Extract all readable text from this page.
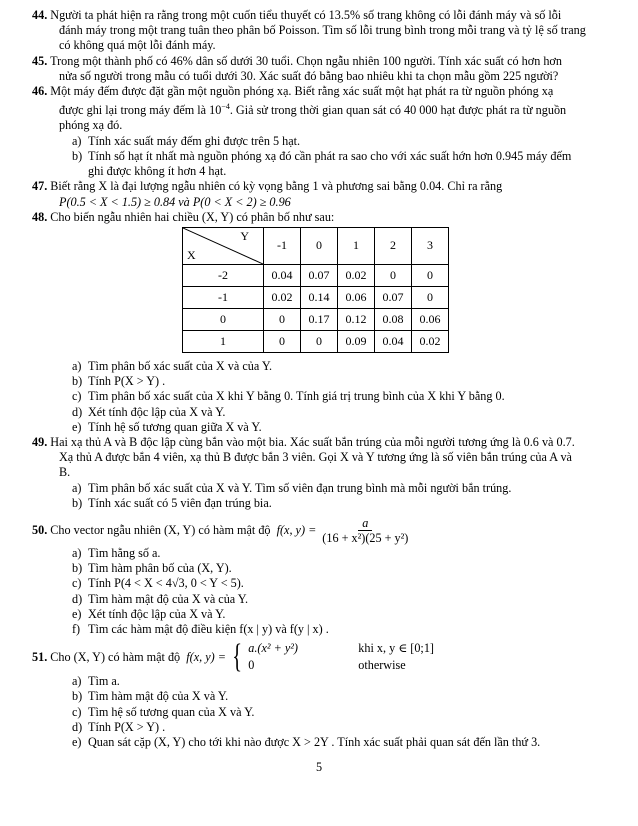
44. Người ta phát hiện ra rằng trong một cuốn tiểu thuyết có 13.5% số trang không có lỗi đánh máy và số lỗi
đánh máy trong một trang tuân theo phân bố Poisson. Tìm số lỗi trung bình trong mỗi trang và tỷ lệ số trang
có không quá một lỗi đánh máy.
45. Trong một thành phố có 46% dân số dưới 30 tuổi. Chọn ngẫu nhiên 100 người. Tính xác suất có hơn hơn
nửa số người trong mẫu có tuổi dưới 30. Xác suất đó bằng bao nhiêu khi ta chọn mẫu gồm 225 người?
46. Một máy đếm được đặt gần một nguồn phóng xạ. Biết rằng xác suất một hạt phát ra từ nguồn phóng xạ
được ghi lại trong máy đếm là $10^{-4}$. Giả sử trong thời gian quan sát có 40 000 hạt được phát ra từ nguồn
phóng xạ đó.
a) Tính xác suất máy đếm ghi được trên 5 hạt.
b) Tính số hạt ít nhất mà nguồn phóng xạ đó cần phát ra sao cho với xác suất hớn hơn 0.945 máy đếm
ghi được không ít hơn 4 hạt.
47. Biết rằng X là đại lượng ngẫu nhiên có kỳ vọng bằng 1 và phương sai bằng 0.04. Chỉ ra rằng
P(0.5 < X < 1.5) ≥ 0.84 và P(0 < X < 2) ≥ 0.96
48. Cho biến ngẫu nhiên hai chiều (X, Y) có phân bố như sau:
Y
X	-1	0	1	2	3
-2	0.04	0.07	0.02	0	0
-1	0.02	0.14	0.06	0.07	0
0	0	0.17	0.12	0.08	0.06
1	0	0	0.09	0.04	0.02
a) Tìm phân bố xác suất của X và của Y.
b) Tính P(X > Y) .
c) Tìm phân bố xác suất của X khi Y bằng 0. Tính giá trị trung bình của X khi Y bằng 0.
d) Xét tính độc lập của X và Y.
e) Tính hệ số tương quan giữa X và Y.
49. Hai xạ thủ A và B độc lập cùng bắn vào một bia. Xác suất bắn trúng của mỗi người tương ứng là 0.6 và 0.7.
Xạ thủ A được bắn 4 viên, xạ thủ B được bắn 3 viên. Gọi X và Y tương ứng là số viên bắn trúng của A và
B.
a) Tìm phân bố xác suất của X và Y. Tìm số viên đạn trung bình mà mỗi người bắn trúng.
b) Tính xác suất có 5 viên đạn trúng bia.
50.
Cho vector ngẫu nhiên (X, Y) có hàm mật độ
f(x, $y) = \frac{a}{\text{(16 + x²)(25 + y²)}}$
a) Tìm hằng số a.
b) Tìm hàm phân bố của (X, Y).
c) Tính P(4 < X < 4√3, 0 < Y < 5).
d) Tìm hàm mật độ của X và của Y.
e) Xét tính độc lập của X và Y.
f) Tìm các hàm mật độ điều kiện f(x | y) và f(y | x) .
51.
Cho (X, Y) có hàm mật độ
f(x, y) = { a.(x² + y²)	khi x, y ∈ [0;1]
0	otherwise
a) Tìm a.
b) Tìm hàm mật độ của X và Y.
c) Tìm hệ số tương quan của X và Y.
d) Tính P(X > Y) .
e) Quan sát cặp (X, Y) cho tới khi nào được X > 2Y . Tính xác suất phải quan sát đến lần thứ 3.
5
